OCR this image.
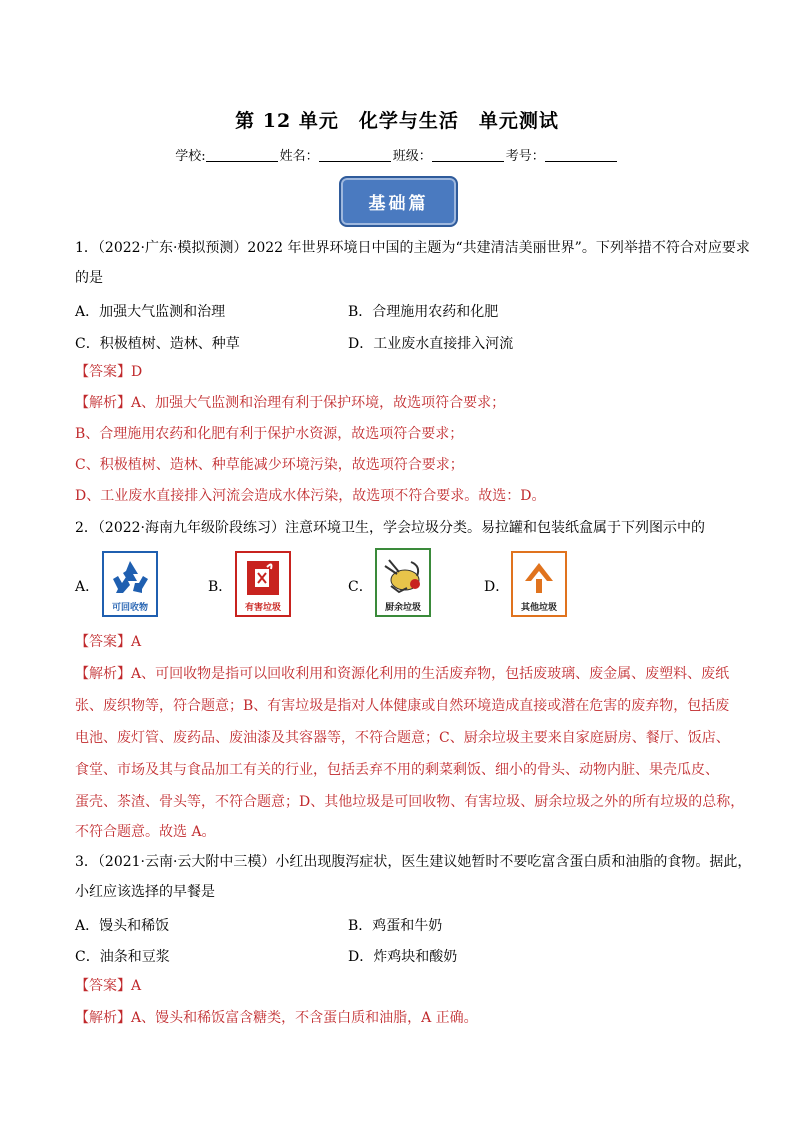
第 12 单元　化学与生活　单元测试
学校:	姓名：	班级：	考号：
基础篇
1．（2022·广东·模拟预测）2022 年世界环境日中国的主题为“共建清洁美丽世界”。下列举措不符合对应要求
的是
A．加强大气监测和治理	B．合理施用农药和化肥
C．积极植树、造林、种草	D．工业废水直接排入河流
【答案】D
【解析】A、加强大气监测和治理有利于保护环境，故选项符合要求；
B、合理施用农药和化肥有利于保护水资源，故选项符合要求；
C、积极植树、造林、种草能减少环境污染，故选项符合要求；
D、工业废水直接排入河流会造成水体污染，故选项不符合要求。故选：D。
2．（2022·海南九年级阶段练习）注意环境卫生，学会垃圾分类。易拉罐和包装纸盒属于下列图示中的
A．
可回收物
B．
有害垃圾
C．
厨余垃圾
D．
其他垃圾
【答案】A
【解析】A、可回收物是指可以回收利用和资源化利用的生活废弃物，包括废玻璃、废金属、废塑料、废纸
张、废织物等，符合题意；B、有害垃圾是指对人体健康或自然环境造成直接或潜在危害的废弃物，包括废
电池、废灯管、废药品、废油漆及其容器等，不符合题意；C、厨余垃圾主要来自家庭厨房、餐厅、饭店、
食堂、市场及其与食品加工有关的行业，包括丢弃不用的剩菜剩饭、细小的骨头、动物内脏、果壳瓜皮、
蛋壳、茶渣、骨头等，不符合题意；D、其他垃圾是可回收物、有害垃圾、厨余垃圾之外的所有垃圾的总称，
不符合题意。故选 A。
3．（2021·云南·云大附中三模）小红出现腹泻症状，医生建议她暂时不要吃富含蛋白质和油脂的食物。据此，
小红应该选择的早餐是
A．馒头和稀饭	B．鸡蛋和牛奶
C．油条和豆浆	D．炸鸡块和酸奶
【答案】A
【解析】A、馒头和稀饭富含糖类，不含蛋白质和油脂，A 正确。
